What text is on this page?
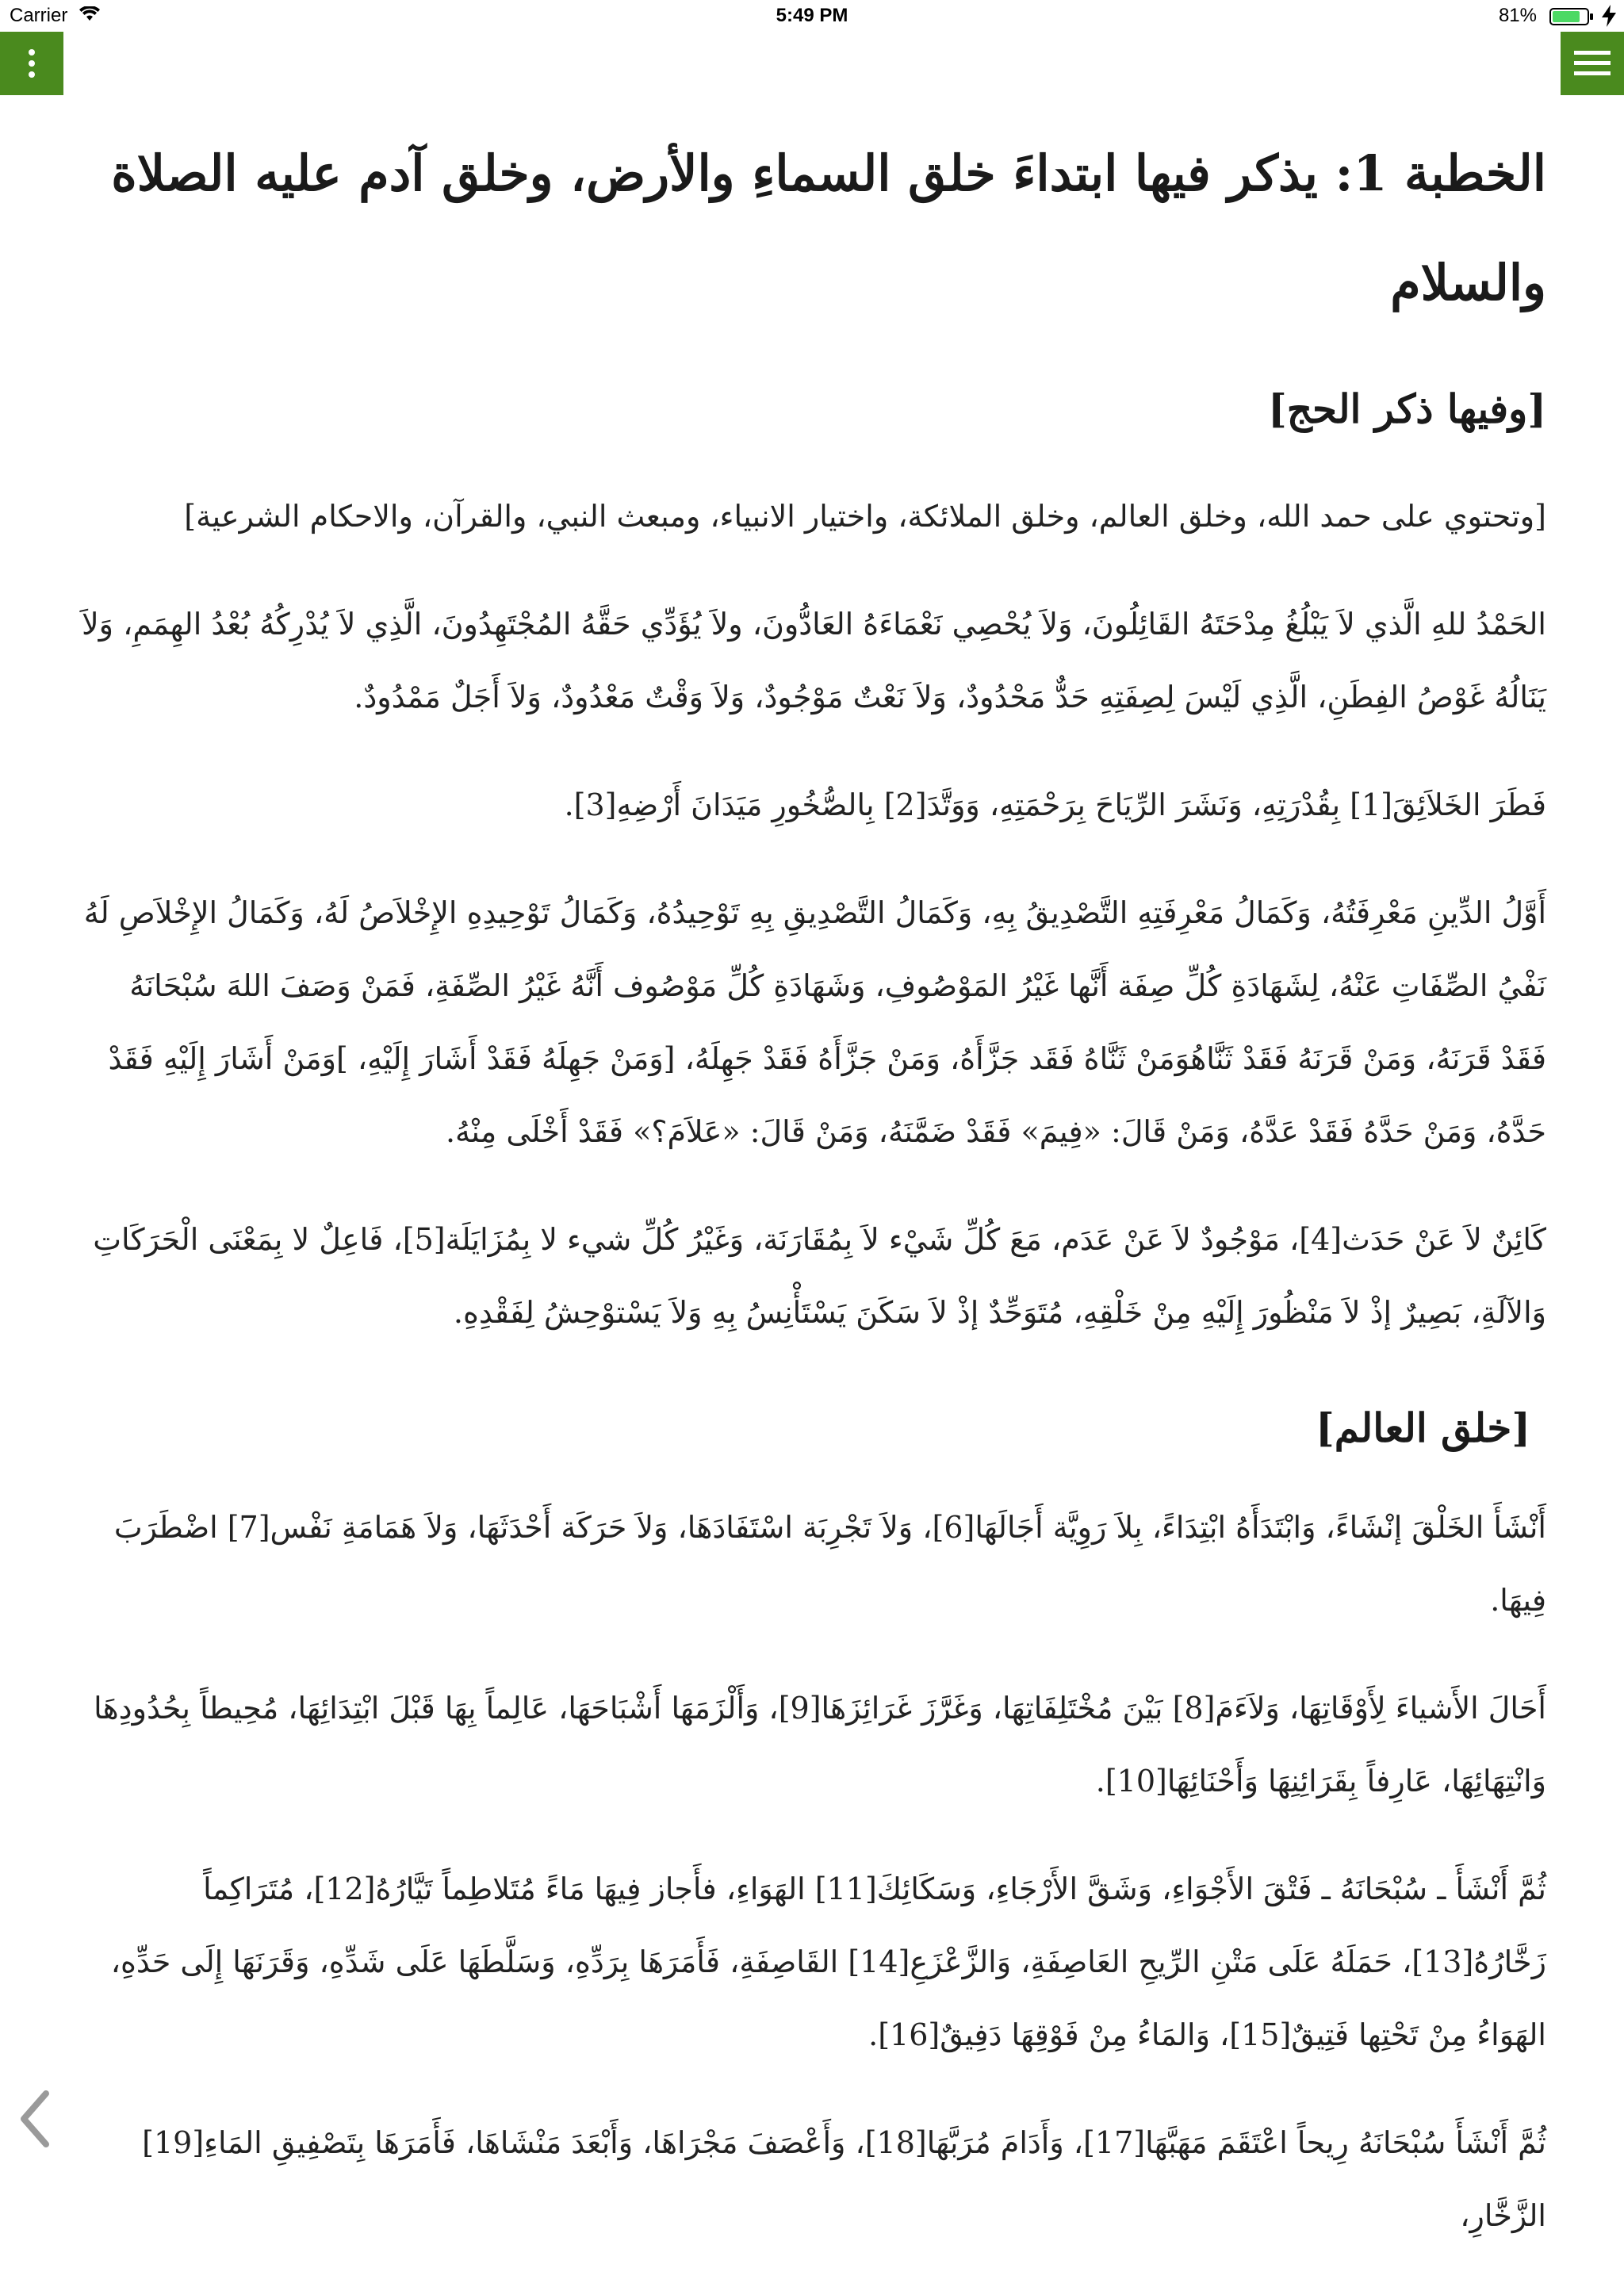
Carrier	5:49 PM	81%
الخطبة 1: يذكر فيها ابتداءَ خلق السماءِ والأرض، وخلق آدم عليه الصلاة والسلام
[وفيها ذكر الحج]

[وتحتوي على حمد الله، وخلق العالم، وخلق الملائكة، واختيار الانبياء، ومبعث النبي، والقرآن، والاحكام الشرعية]

الحَمْدُ للهِ الَّذي لاَ يَبْلُغُ مِدْحَتَهُ القَائِلُونَ، وَلاَ يُحْصِي نَعْمَاءَهُ العَادُّونَ، ولاَ يُؤَدِّي حَقَّهُ المُجْتَهِدُونَ، الَّذِي لاَ يُدْرِكُهُ بُعْدُ الهِمَمِ، وَلاَ يَنَالُهُ غَوْصُ الفِطَنِ، الَّذِي لَيْسَ لِصِفَتِهِ حَدٌّ مَحْدُودٌ، وَلاَ نَعْتٌ مَوْجُودٌ، وَلاَ وَقْتٌ مَعْدُودٌ، وَلاَ أَجَلٌ مَمْدُودٌ.

فَطَرَ الخَلاَئِقَ[1] بِقُدْرَتِهِ، وَنَشَرَ الرِّيَاحَ بِرَحْمَتِهِ، وَوَتَّدَ[2] بِالصُّخُورِ مَيَدَانَ أَرْضِهِ[3].

أَوَّلُ الدِّينِ مَعْرِفَتُهُ، وَكَمَالُ مَعْرِفَتِهِ التَّصْدِيقُ بِهِ، وَكَمَالُ التَّصْدِيقِ بِهِ تَوْحِيدُهُ، وَكَمَالُ تَوْحِيدِهِ الإِخْلاَصُ لَهُ، وَكَمَالُ الإِخْلاَصِ لَهُ نَفْيُ الصِّفَاتِ عَنْهُ، لِشَهَادَةِ كُلِّ صِفَة أَنَّها غَيْرُ المَوْصُوفِ، وَشَهَادَةِ كُلِّ مَوْصُوف أَنَّهُ غَيْرُ الصِّفَةِ، فَمَنْ وَصَفَ اللهَ سُبْحَانَهُ فَقَدْ قَرَنَهُ، وَمَنْ قَرَنَهُ فَقَدْ ثَنَّاهُوَمَنْ ثَنَّاهُ فَقَد جَزَّأَهُ، وَمَنْ جَزَّأَهُ فَقَدْ جَهِلَهُ، [وَمَنْ جَهِلَهُ فَقَدْ أَشَارَ إِلَيْهِ، ]وَمَنْ أَشَارَ إِلَيْهِ فَقَدْ حَدَّهُ، وَمَنْ حَدَّهُ فَقَدْ عَدَّهُ، وَمَنْ قَالَ: «فِيمَ» فَقَدْ ضَمَّنَهُ، وَمَنْ قَالَ: «عَلاَمَ؟» فَقَدْ أَخْلَى مِنْهُ.

كَائِنٌ لاَ عَنْ حَدَث[4]، مَوْجُودٌ لاَ عَنْ عَدَم، مَعَ كُلِّ شَيْء لاَ بِمُقَارَنَة، وَغَيْرُ كُلِّ شيء لا بِمُزَايَلَة[5]، فَاعِلٌ لا بِمَعْنَى الْحَرَكَاتِ وَالآلَةِ، بَصِيرٌ إذْ لاَ مَنْظُورَ إِلَيْهِ مِنْ خَلْقِهِ، مُتَوَحِّدٌ إذْ لاَ سَكَنَ يَسْتَأْنِسُ بِهِ وَلاَ يَسْتوْحِشُ لِفَقْدِهِ.

[خلق العالم]

أَنْشَأَ الخَلْقَ إنْشَاءً، وَابْتَدَأَهُ ابْتِدَاءً، بِلاَ رَوِيَّة أَجَالَهَا[6]، وَلاَ تَجْرِبَة اسْتَفَادَهَا، وَلاَ حَرَكَة أَحْدَثَهَا، وَلاَ هَمَامَةِ نَفْس[7] اضْطَرَبَ فِيهَا.

أَحَالَ الأَشياءَ لِأَوْقَاتِهَا، وَلاَءَمَ[8] بَيْنَ مُخْتَلِفَاتِهَا، وَغَرَّزَ غَرَائِزَهَا[9]، وَأَلْزَمَهَا أَشْبَاحَهَا، عَالِماً بِهَا قَبْلَ ابْتِدَائِهَا، مُحِيطاً بِحُدُودِهَا وَانْتِهَائِهَا، عَارِفاً بِقَرَائِنِهَا وَأَحْنَائِهَا[10].

ثُمَّ أَنْشَأَ ـ سُبْحَانَهُ ـ فَتْقَ الأَجْوَاءِ، وَشَقَّ الأَرْجَاءِ، وَسَكَائِكَ[11] الهَوَاءِ، فأَجاز فِيهَا مَاءً مُتَلاطِماً تَيَّارُهُ[12]، مُتَرَاكِماً زَخَّارُهُ[13]، حَمَلَهُ عَلَى مَتْنِ الرِّيحِ العَاصِفَةِ، وَالزَّعْزَعِ[14] القَاصِفَةِ، فَأَمَرَهَا بِرَدِّهِ، وَسَلَّطَهَا عَلَى شَدِّهِ، وَقَرَنَهَا إِلَى حَدِّهِ، الهَوَاءُ مِنْ تَحْتِها فَتِيقٌ[15]، وَالمَاءُ مِنْ فَوْقِهَا دَفِيقٌ[16].

ثُمَّ أَنْشَأَ سُبْحَانَهُ رِيحاً اعْتَقَمَ مَهَبَّهَا[17]، وَأَدَامَ مُرَبَّهَا[18]، وَأَعْصَفَ مَجْرَاهَا، وَأَبْعَدَ مَنْشَاهَا، فَأَمَرَهَا بِتَصْفِيقِ المَاءِ[19] الزَّخَّارِ،
